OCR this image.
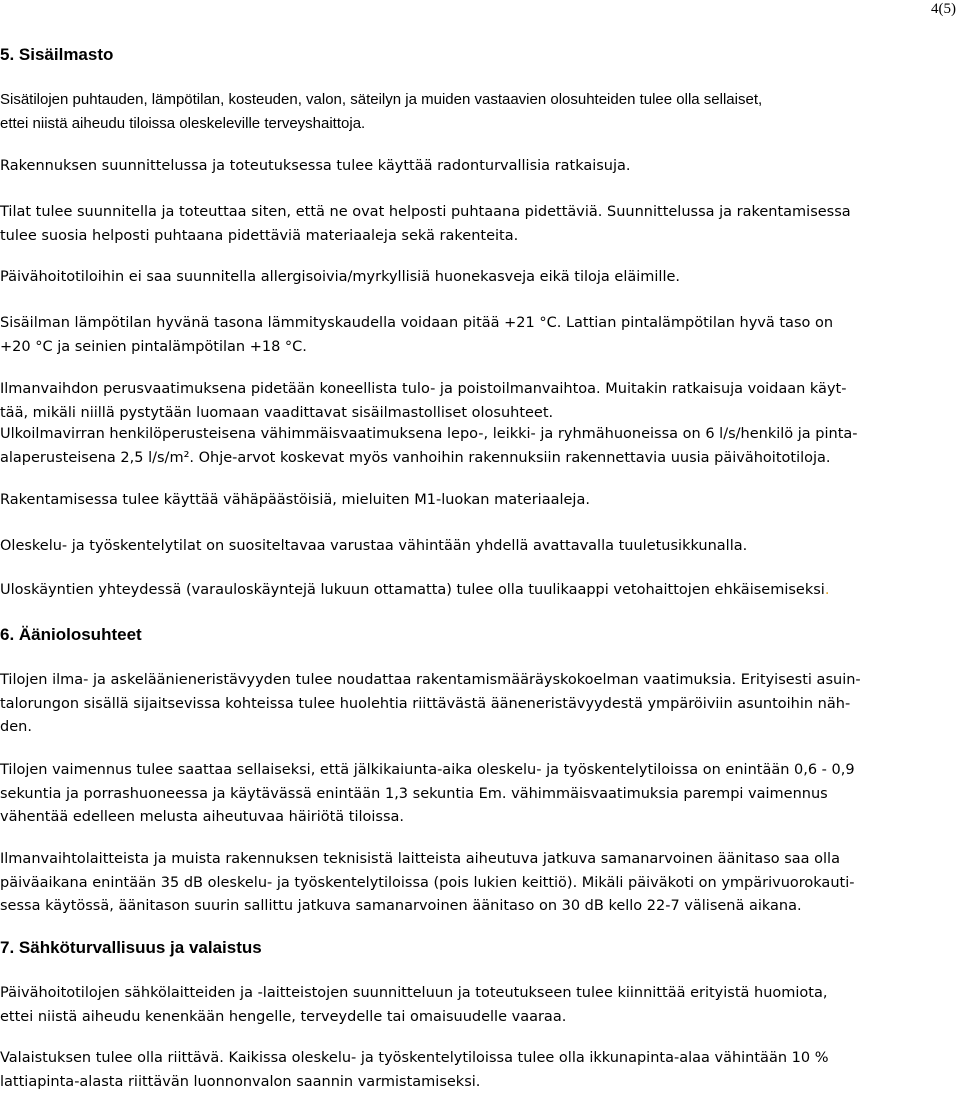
4(5)
5. Sisäilmasto
Sisätilojen puhtauden, lämpötilan, kosteuden, valon, säteilyn ja muiden vastaavien olosuhteiden tulee olla sellaiset,
ettei niistä aiheudu tiloissa oleskeleville terveyshaittoja.
Rakennuksen suunnittelussa ja toteutuksessa tulee käyttää radonturvallisia ratkaisuja.
Tilat tulee suunnitella ja toteuttaa siten, että ne ovat helposti puhtaana pidettäviä. Suunnittelussa ja rakentamisessa
tulee suosia helposti puhtaana pidettäviä materiaaleja sekä rakenteita.
Päivähoitotiloihin ei saa suunnitella allergisoivia/myrkyllisiä huonekasveja eikä tiloja eläimille.
Sisäilman lämpötilan hyvänä tasona lämmityskaudella voidaan pitää +21 °C. Lattian pintalämpötilan hyvä taso on
+20 °C ja seinien pintalämpötilan +18 °C.
Ilmanvaihdon perusvaatimuksena pidetään koneellista tulo- ja poistoilmanvaihtoa. Muitakin ratkaisuja voidaan käyt-
tää, mikäli niillä pystytään luomaan vaadittavat sisäilmastolliset olosuhteet.
Ulkoilmavirran henkilöperusteisena vähimmäisvaatimuksena lepo-, leikki- ja ryhmähuoneissa on 6 l/s/henkilö ja pinta-
alaperusteisena 2,5 l/s/m². Ohje-arvot koskevat myös vanhoihin rakennuksiin rakennettavia uusia päivähoitotiloja.
Rakentamisessa tulee käyttää vähäpäästöisiä, mieluiten M1-luokan materiaaleja.
Oleskelu- ja työskentelytilat on suositeltavaa varustaa vähintään yhdellä avattavalla tuuletusikkunalla.
Uloskäyntien yhteydessä (varauloskäyntejä lukuun ottamatta) tulee olla tuulikaappi vetohaittojen ehkäisemiseksi.
6. Ääniolosuhteet
Tilojen ilma- ja askeläänieneristävyyden tulee noudattaa rakentamismääräyskokoelman vaatimuksia. Erityisesti asuin-
talorungon sisällä sijaitsevissa kohteissa tulee huolehtia riittävästä ääneneristävyydestä ympäröiviin asuntoihin näh-
den.
Tilojen vaimennus tulee saattaa sellaiseksi, että jälkikaiunta-aika oleskelu- ja työskentelytiloissa on enintään 0,6 - 0,9
sekuntia ja porrashuoneessa ja käytävässä enintään 1,3 sekuntia Em. vähimmäisvaatimuksia parempi vaimennus
vähentää edelleen melusta aiheutuvaa häiriötä tiloissa.
Ilmanvaihtolaitteista ja muista rakennuksen teknisistä laitteista aiheutuva jatkuva samanarvoinen äänitaso saa olla
päiväaikana enintään 35 dB oleskelu- ja työskentelytiloissa (pois lukien keittiö). Mikäli päiväkoti on ympärivuorokauti-
sessa käytössä, äänitason suurin sallittu jatkuva samanarvoinen äänitaso on 30 dB kello 22-7 välisenä aikana.
7. Sähköturvallisuus ja valaistus
Päivähoitotilojen sähkölaitteiden ja -laitteistojen suunnitteluun ja toteutukseen tulee kiinnittää erityistä huomiota,
ettei niistä aiheudu kenenkään hengelle, terveydelle tai omaisuudelle vaaraa.
Valaistuksen tulee olla riittävä. Kaikissa oleskelu- ja työskentelytiloissa tulee olla ikkunapinta-alaa vähintään 10 %
lattiapinta-alasta riittävän luonnonvalon saannin varmistamiseksi.
